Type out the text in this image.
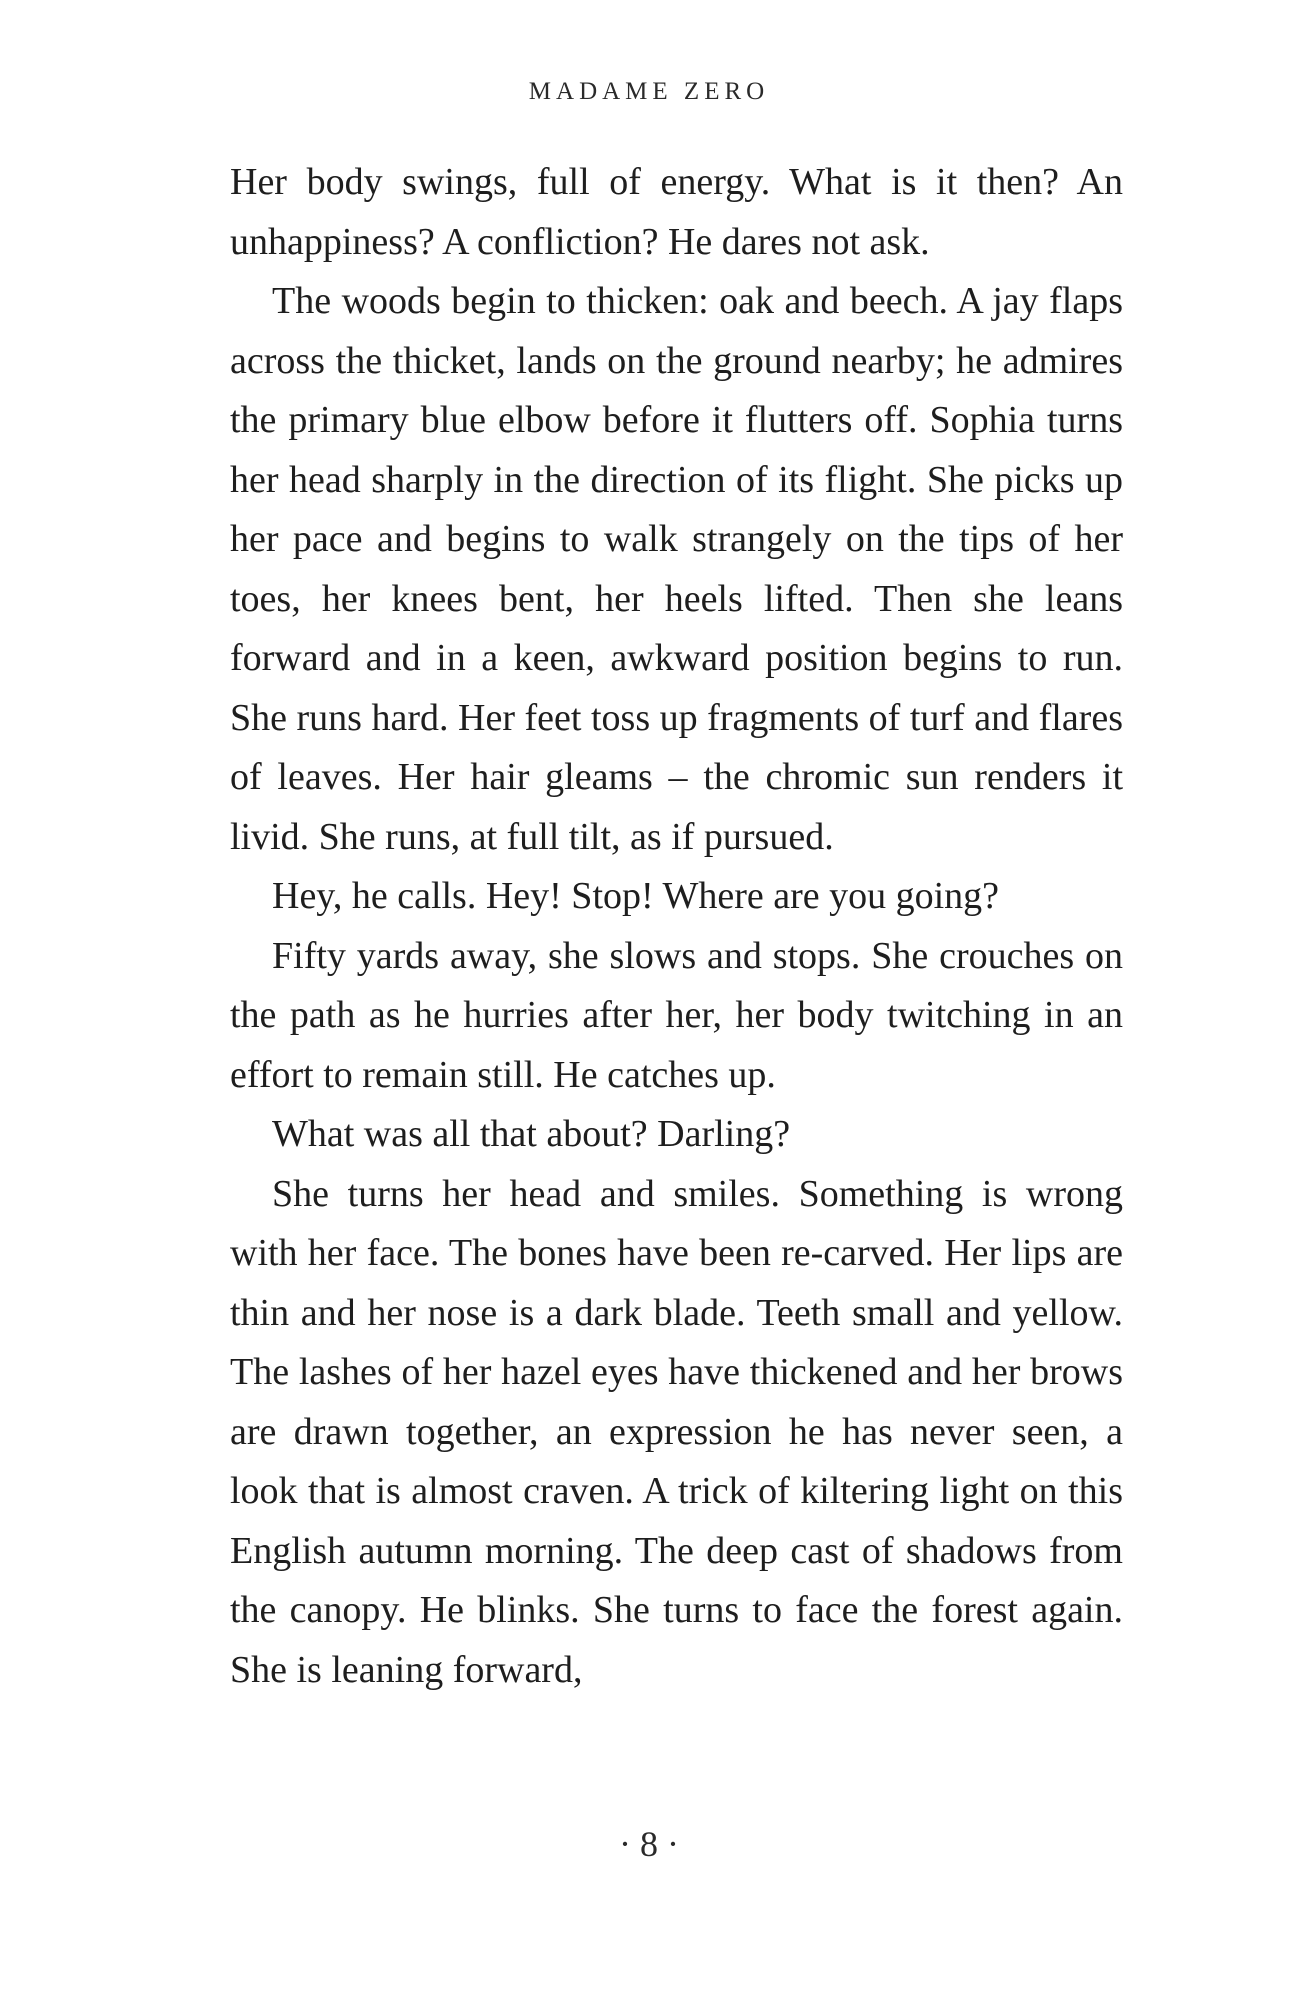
MADAME ZERO

Her body swings, full of energy. What is it then? An unhappiness? A confliction? He dares not ask.

The woods begin to thicken: oak and beech. A jay flaps across the thicket, lands on the ground nearby; he admires the primary blue elbow before it flutters off. Sophia turns her head sharply in the direction of its flight. She picks up her pace and begins to walk strangely on the tips of her toes, her knees bent, her heels lifted. Then she leans forward and in a keen, awkward position begins to run. She runs hard. Her feet toss up fragments of turf and flares of leaves. Her hair gleams – the chromic sun renders it livid. She runs, at full tilt, as if pursued.

Hey, he calls. Hey! Stop! Where are you going?

Fifty yards away, she slows and stops. She crouches on the path as he hurries after her, her body twitching in an effort to remain still. He catches up.

What was all that about? Darling?

She turns her head and smiles. Something is wrong with her face. The bones have been re-carved. Her lips are thin and her nose is a dark blade. Teeth small and yellow. The lashes of her hazel eyes have thickened and her brows are drawn together, an expression he has never seen, a look that is almost craven. A trick of kiltering light on this English autumn morning. The deep cast of shadows from the canopy. He blinks. She turns to face the forest again. She is leaning forward,

· 8 ·
